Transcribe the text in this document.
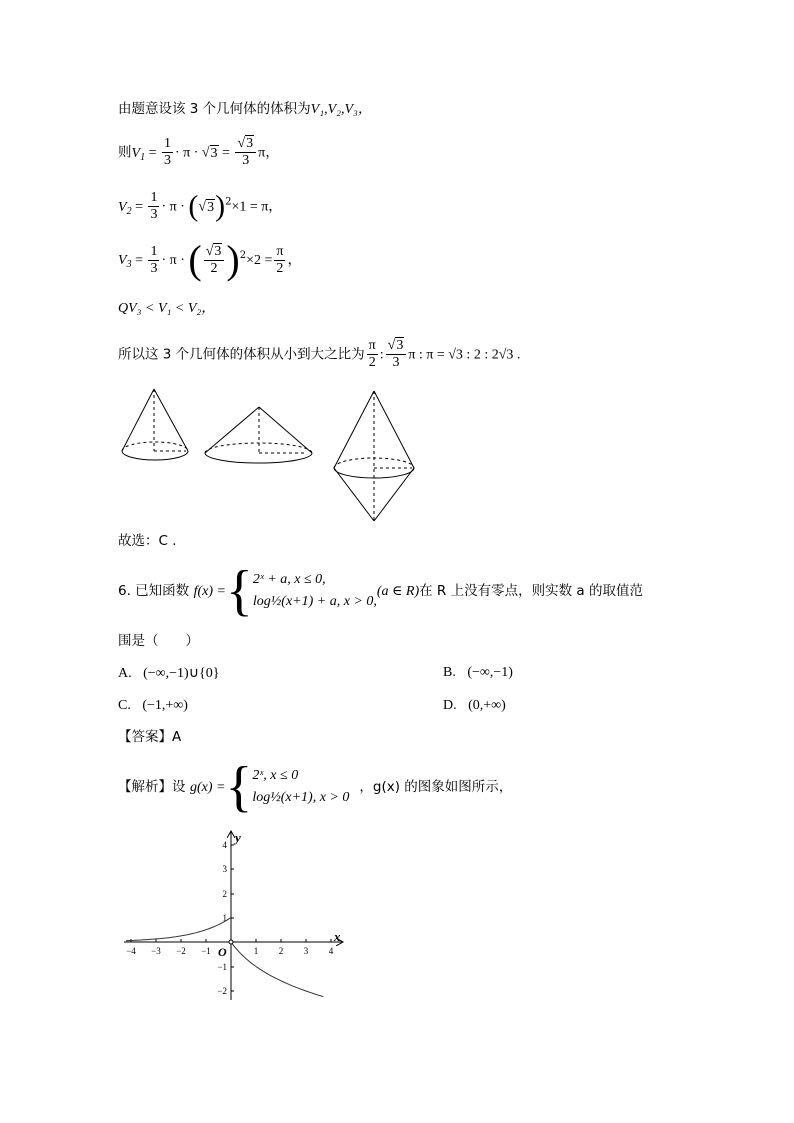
由题意设该 3 个几何体的体积为V₁,V₂,V₃，
则$V_1 = \frac{1}{3} \cdot \pi \cdot √3 = \frac{√3}{3}$ π，
$V_2 = \frac{1}{3} \cdot \pi \cdot (√3)^2\times 1 = \pi$，
$V_3 = \frac{1}{3} \cdot \pi$ · ( $\frac{√3}{2} )^2\times 2 = \frac{\pi}{2}$ ，
QV₃ < V₁ < V₂，
所以这 3 个几何体的体积从小到大之比为 $\frac{\pi}{2}$ : $\frac{√3}{3}$ π : π = √3 : 2 : 2√3 .
故选：C .
6. 已知函数 f(x) ={2ˣ + a, x ≤ 0,
log½(x+1) + a, x > 0,(a ∈ R)在 R 上没有零点，则实数 a 的取值范
围是（　　）
A. (−∞,−1)∪{0}	B. (−∞,−1)
C. (−1,+∞)	D. (0,+∞)
【答案】A
【解析】设 g(x) ={2ˣ, x ≤ 0
log½(x+1), x > 0，g(x) 的图象如图所示，
−4 −3 −2 −1	1 2 3 4
4
3
2
1
−1
−2
y
x
O
